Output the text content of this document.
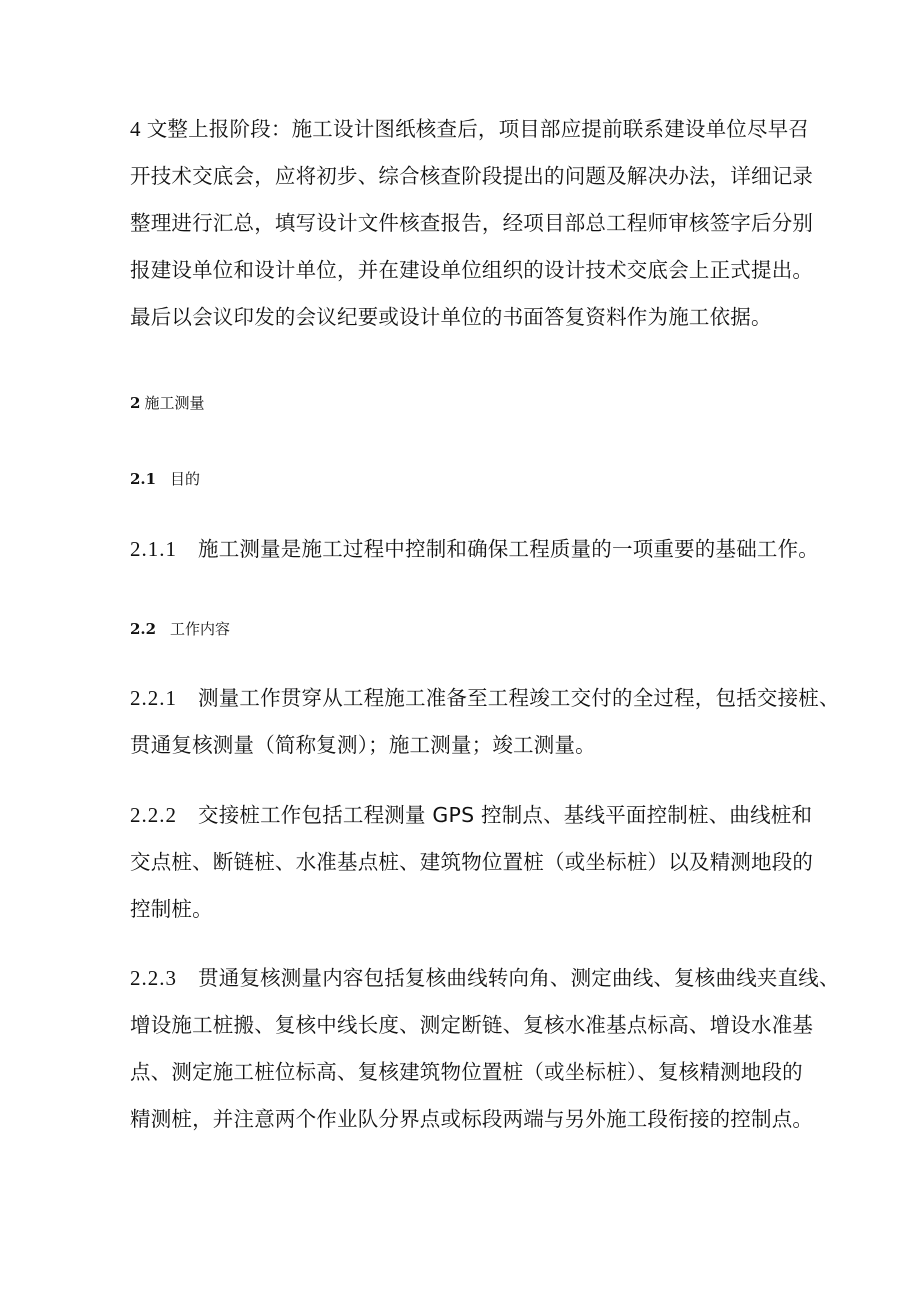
4 文整上报阶段：施工设计图纸核查后，项目部应提前联系建设单位尽早召
开技术交底会，应将初步、综合核查阶段提出的问题及解决办法，详细记录
整理进行汇总，填写设计文件核查报告，经项目部总工程师审核签字后分别
报建设单位和设计单位，并在建设单位组织的设计技术交底会上正式提出。
最后以会议印发的会议纪要或设计单位的书面答复资料作为施工依据。
2 施工测量
2.1 目的
2.1.1 施工测量是施工过程中控制和确保工程质量的一项重要的基础工作。
2.2 工作内容
2.2.1 测量工作贯穿从工程施工准备至工程竣工交付的全过程，包括交接桩、
贯通复核测量（简称复测）；施工测量；竣工测量。
2.2.2 交接桩工作包括工程测量 GPS 控制点、基线平面控制桩、曲线桩和
交点桩、断链桩、水准基点桩、建筑物位置桩（或坐标桩）以及精测地段的
控制桩。
2.2.3 贯通复核测量内容包括复核曲线转向角、测定曲线、复核曲线夹直线、
增设施工桩搬、复核中线长度、测定断链、复核水准基点标高、增设水准基
点、测定施工桩位标高、复核建筑物位置桩（或坐标桩）、复核精测地段的
精测桩，并注意两个作业队分界点或标段两端与另外施工段衔接的控制点。
